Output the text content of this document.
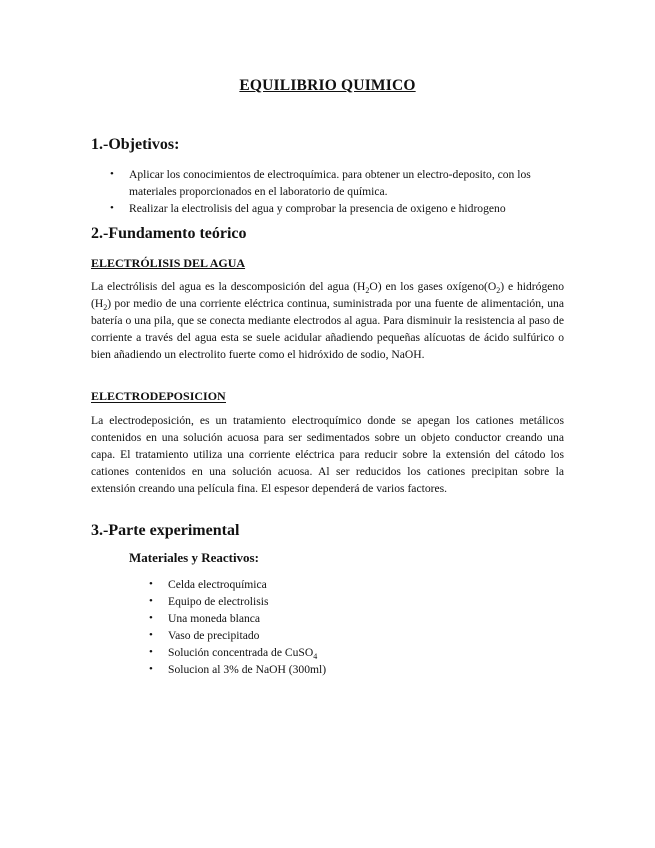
EQUILIBRIO QUIMICO
1.-Objetivos:
• Aplicar los conocimientos de electroquímica. para obtener un electro-deposito, con los materiales proporcionados en el laboratorio de química.
• Realizar la electrolisis del agua y comprobar la presencia de oxigeno e hidrogeno
2.-Fundamento teórico
ELECTRÓLISIS DEL AGUA

La electrólisis del agua es la descomposición del agua $(H_2O)$ en los gases $oxígeno(O_2)$ e hidrógeno $(H_2)$ por medio de una corriente eléctrica continua, suministrada por una fuente de alimentación, una batería o una pila, que se conecta mediante electrodos al agua. Para disminuir la resistencia al paso de corriente a través del agua esta se suele acidular añadiendo pequeñas alícuotas de ácido sulfúrico o bien añadiendo un electrolito fuerte como el hidróxido de sodio, NaOH.

ELECTRODEPOSICION

La electrodeposición, es un tratamiento electroquímico donde se apegan los cationes metálicos contenidos en una solución acuosa para ser sedimentados sobre un objeto conductor creando una capa. El tratamiento utiliza una corriente eléctrica para reducir sobre la extensión del cátodo los cationes contenidos en una solución acuosa. Al ser reducidos los cationes precipitan sobre la extensión creando una película fina. El espesor dependerá de varios factores.

3.-Parte experimental
Materiales y Reactivos:
• Celda electroquímica
• Equipo de electrolisis
• Una moneda blanca
• Vaso de precipitado
• Solución concentrada de CuSO$_4$
• Solucion al 3% de NaOH (300ml)
